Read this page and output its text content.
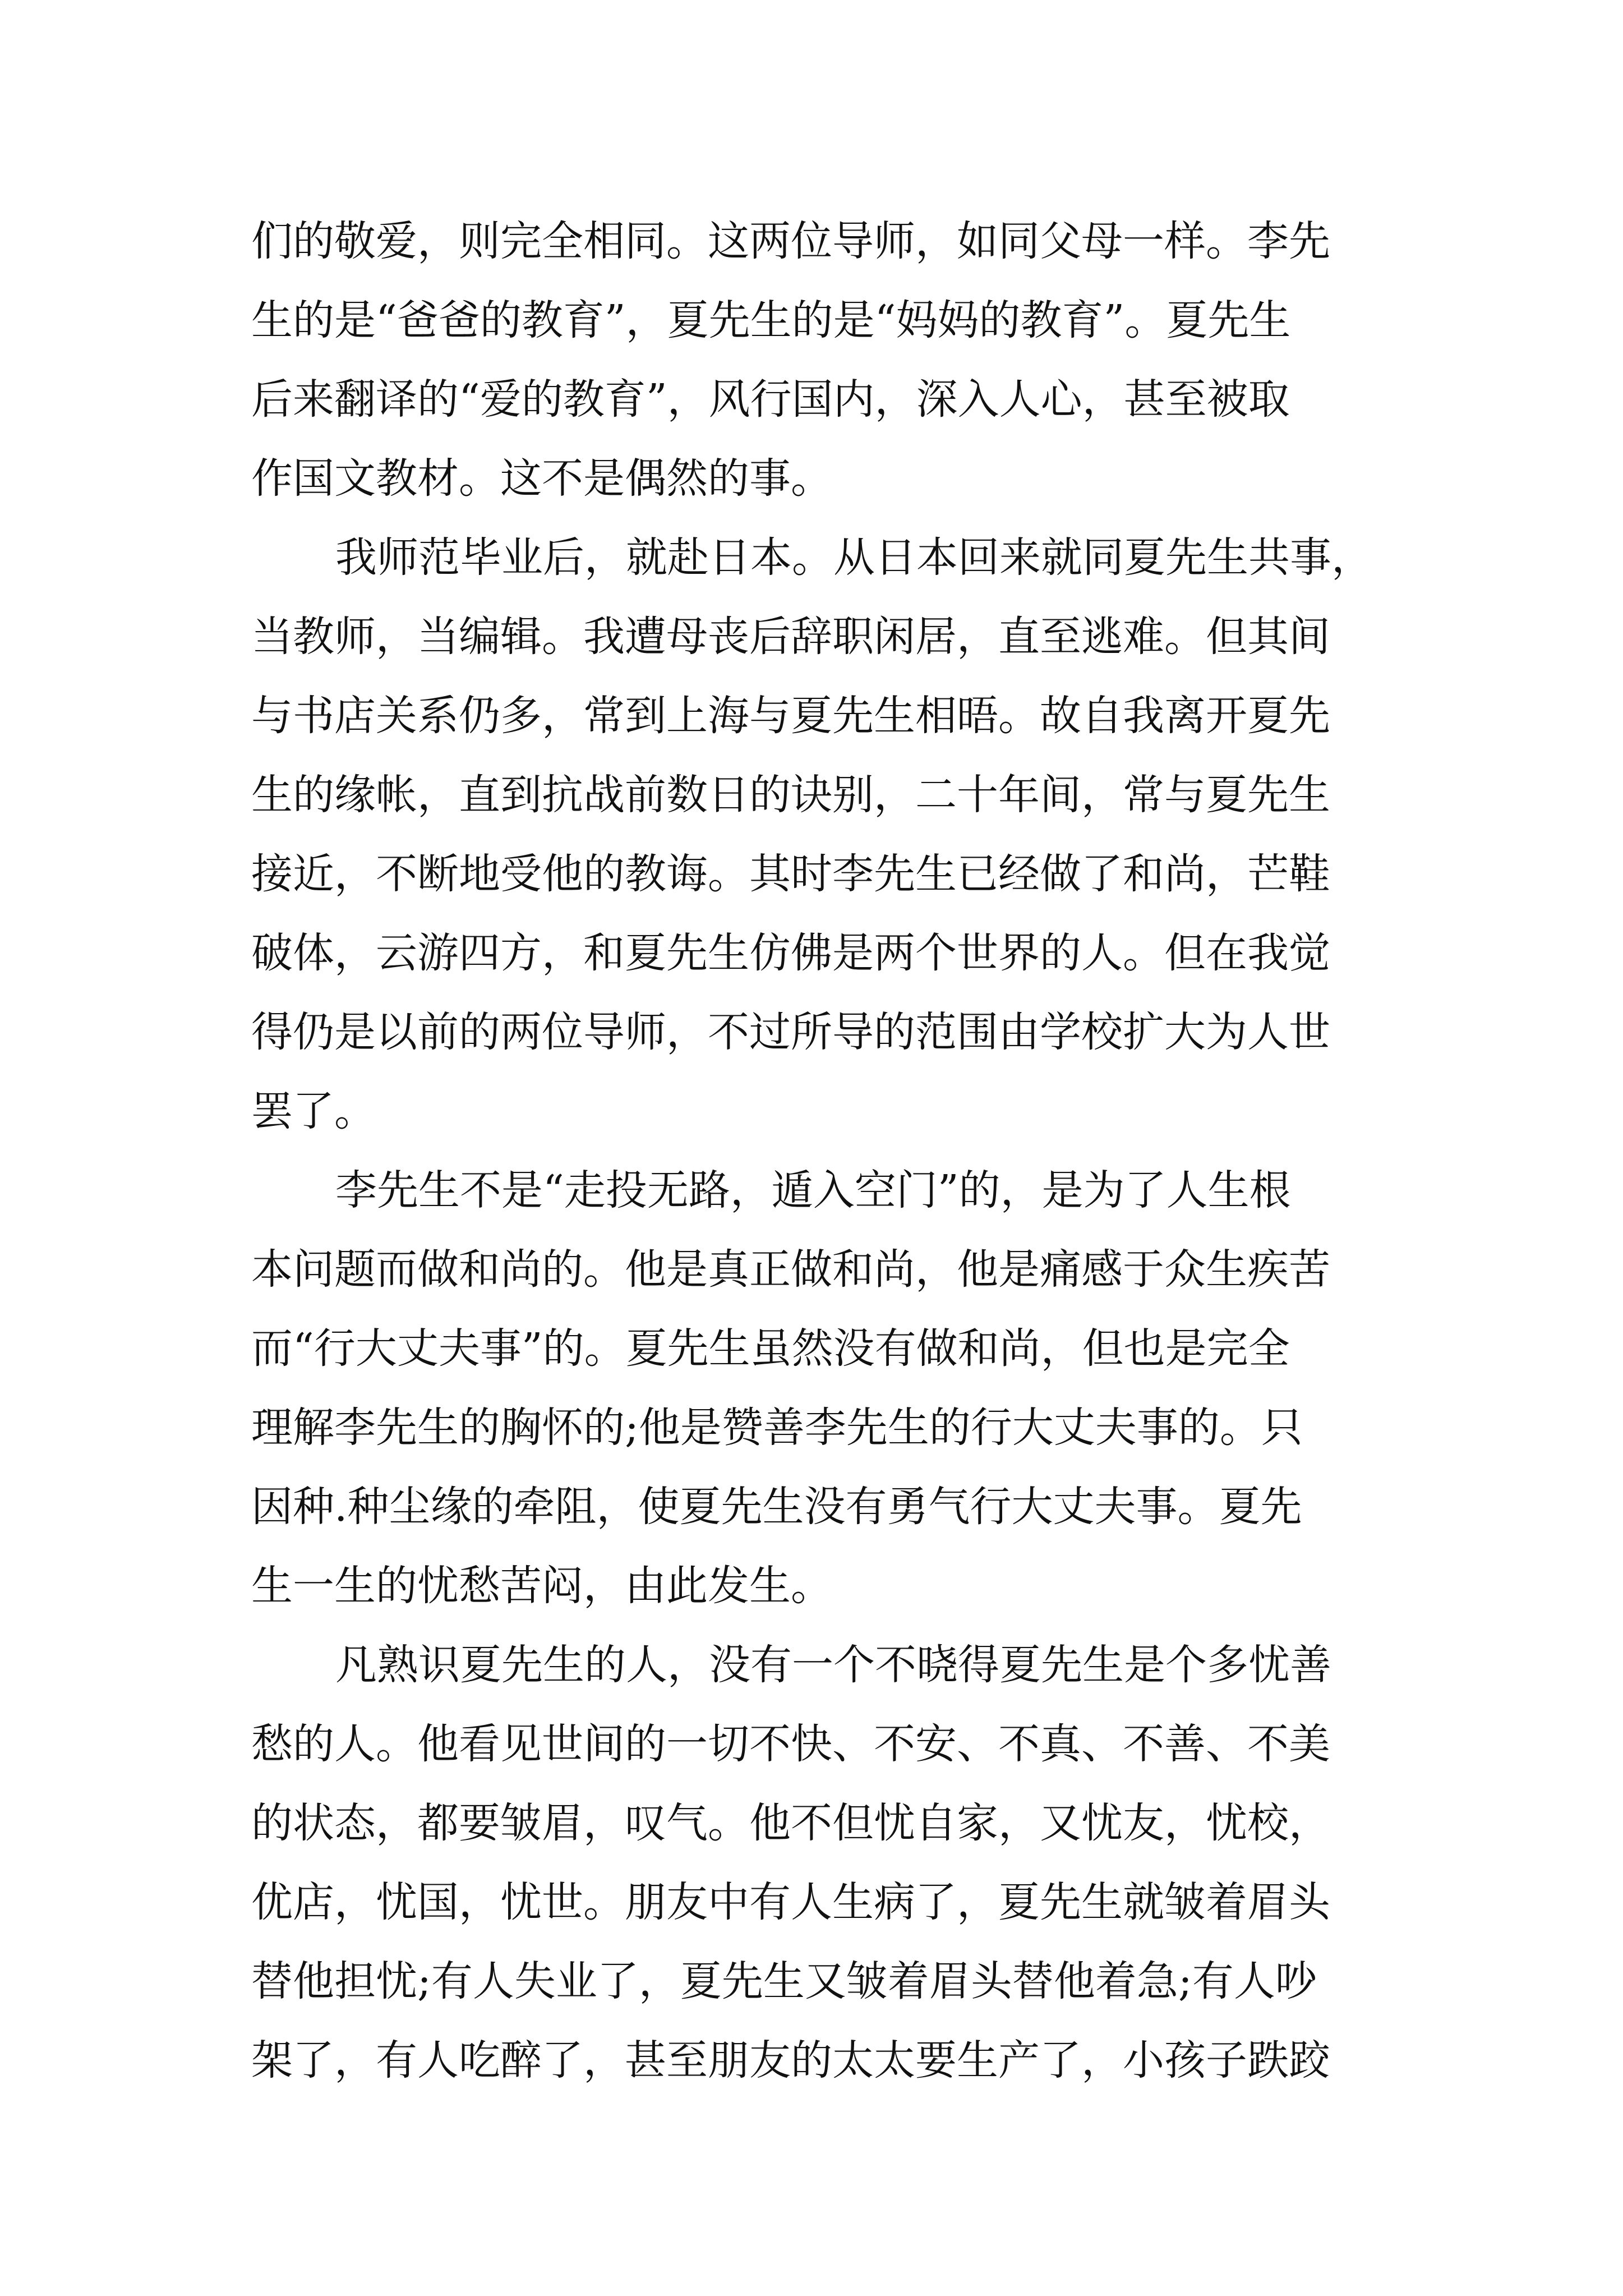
们的敬爱，则完全相同。这两位导师，如同父母一样。李先
生的是“爸爸的教育”，夏先生的是“妈妈的教育”。夏先生
后来翻译的“爱的教育”，风行国内，深入人心，甚至被取
作国文教材。这不是偶然的事。
我师范毕业后，就赴日本。从日本回来就同夏先生共事，
当教师，当编辑。我遭母丧后辞职闲居，直至逃难。但其间
与书店关系仍多，常到上海与夏先生相晤。故自我离开夏先
生的缘帐，直到抗战前数日的诀别，二十年间，常与夏先生
接近，不断地受他的教诲。其时李先生已经做了和尚，芒鞋
破体，云游四方，和夏先生仿佛是两个世界的人。但在我觉
得仍是以前的两位导师，不过所导的范围由学校扩大为人世
罢了。
李先生不是“走投无路，遁入空门”的，是为了人生根
本问题而做和尚的。他是真正做和尚，他是痛感于众生疾苦
而“行大丈夫事”的。夏先生虽然没有做和尚，但也是完全
理解李先生的胸怀的;他是赞善李先生的行大丈夫事的。只
因种.种尘缘的牵阻，使夏先生没有勇气行大丈夫事。夏先
生一生的忧愁苦闷，由此发生。
凡熟识夏先生的人，没有一个不晓得夏先生是个多忧善
愁的人。他看见世间的一切不快、不安、不真、不善、不美
的状态，都要皱眉，叹气。他不但忧自家，又忧友，忧校，
优店，忧国，忧世。朋友中有人生病了，夏先生就皱着眉头
替他担忧;有人失业了，夏先生又皱着眉头替他着急;有人吵
架了，有人吃醉了，甚至朋友的太太要生产了，小孩子跌跤
